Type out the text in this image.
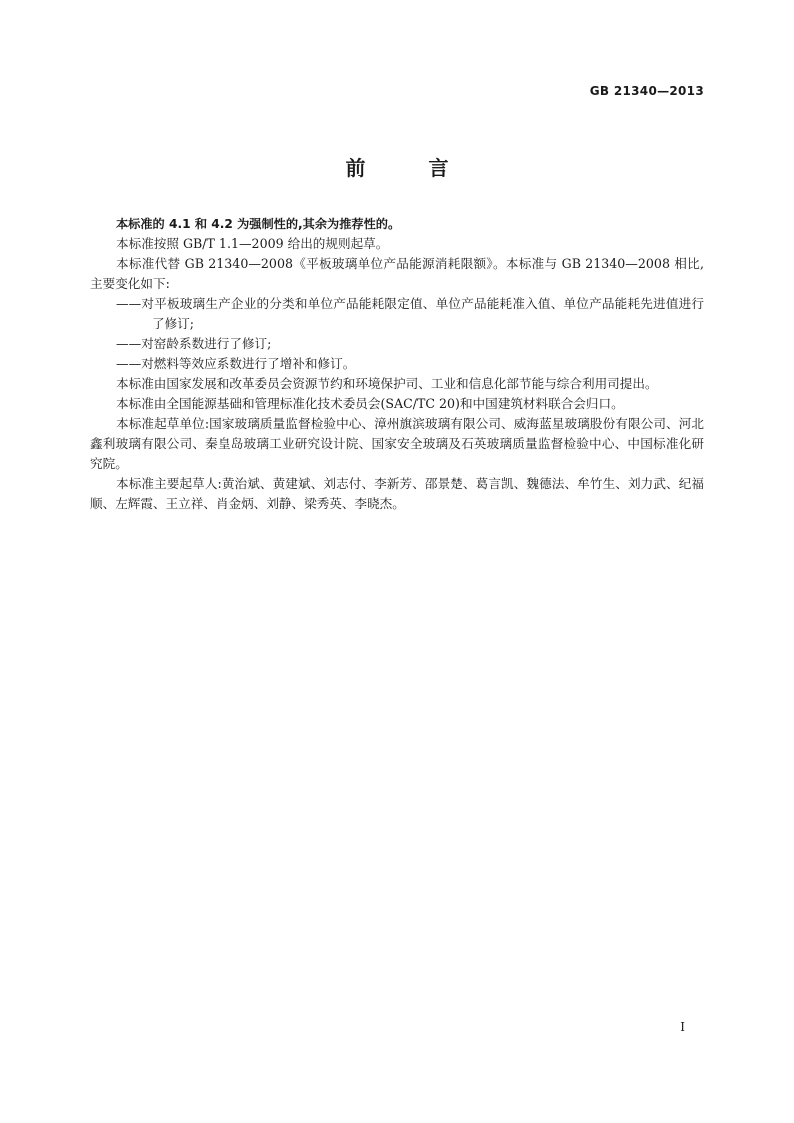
GB 21340—2013
前 言

本标准的 4.1 和 4.2 为强制性的,其余为推荐性的。

本标准按照 GB/T 1.1—2009 给出的规则起草。

本标准代替 GB 21340—2008《平板玻璃单位产品能源消耗限额》。本标准与 GB 21340—2008 相比,主要变化如下:

——对平板玻璃生产企业的分类和单位产品能耗限定值、单位产品能耗准入值、单位产品能耗先进值进行了修订;

——对窑龄系数进行了修订;

——对燃料等效应系数进行了增补和修订。

本标准由国家发展和改革委员会资源节约和环境保护司、工业和信息化部节能与综合利用司提出。

本标准由全国能源基础和管理标准化技术委员会(SAC/TC 20)和中国建筑材料联合会归口。

本标准起草单位:国家玻璃质量监督检验中心、漳州旗滨玻璃有限公司、威海蓝星玻璃股份有限公司、河北鑫利玻璃有限公司、秦皇岛玻璃工业研究设计院、国家安全玻璃及石英玻璃质量监督检验中心、中国标准化研究院。

本标准主要起草人:黄治斌、黄建斌、刘志付、李新芳、邵景楚、葛言凯、魏德法、牟竹生、刘力武、纪福顺、左辉霞、王立祥、肖金炳、刘静、梁秀英、李晓杰。

I
